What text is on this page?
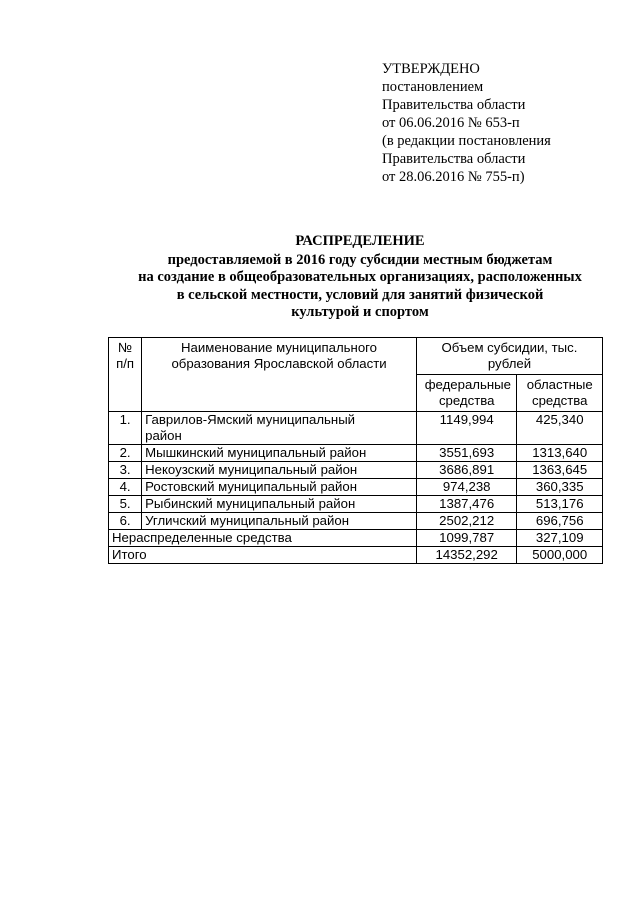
УТВЕРЖДЕНО
постановлением
Правительства области
от 06.06.2016 № 653-п
(в редакции постановления
Правительства области
от 28.06.2016 № 755-п)
РАСПРЕДЕЛЕНИЕ
предоставляемой в 2016 году субсидии местным бюджетам
на создание в общеобразовательных организациях, расположенных
в сельской местности, условий для занятий физической
культурой и спортом
№ п/п	Наименование муниципального образования Ярославской области	Объем субсидии, тыс. рублей	

		федеральные средства	областные средства

1.	Гаврилов-Ямский муниципальный район	1149,994	425,340
2.	Мышкинский муниципальный район	3551,693	1313,640
3.	Некоузский муниципальный район	3686,891	1363,645
4.	Ростовский муниципальный район	974,238	360,335
5.	Рыбинский муниципальный район	1387,476	513,176
6.	Угличский муниципальный район	2502,212	696,756
Нераспределенные средства		1099,787	327,109
Итого		14352,292	5000,000
